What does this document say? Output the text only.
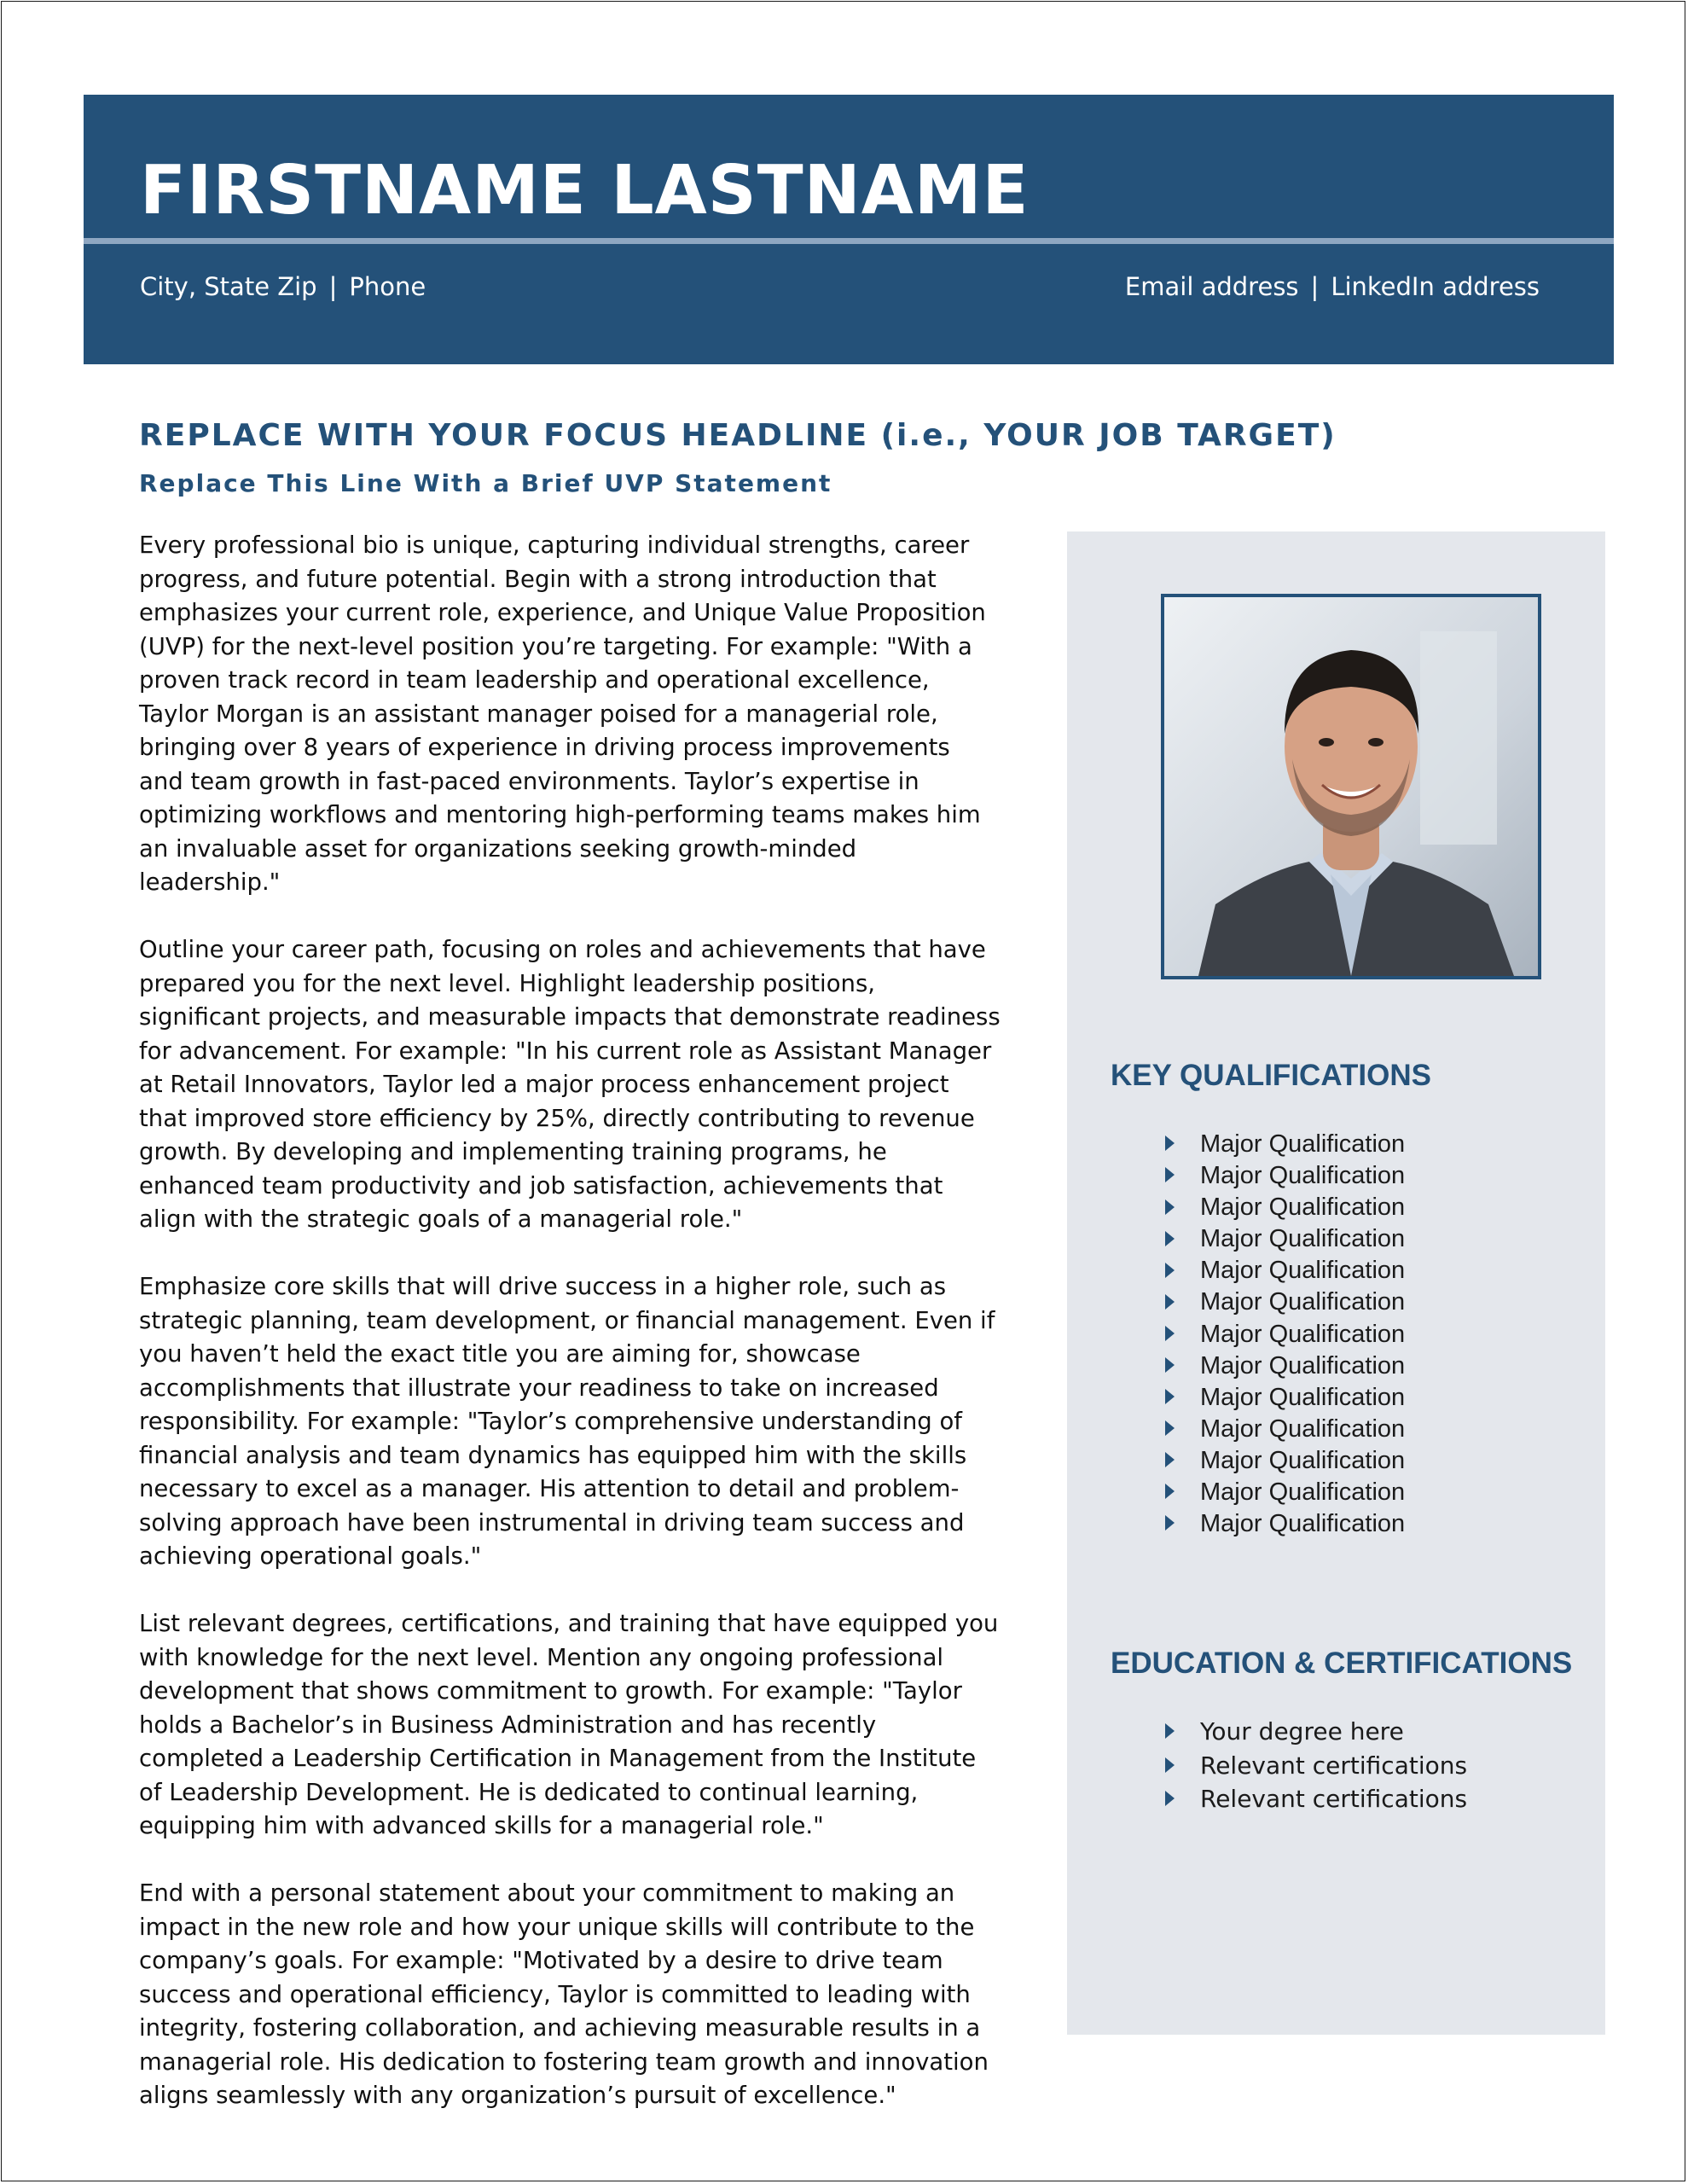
FIRSTNAME LASTNAME
City, State Zip | Phone	Email address | LinkedIn address
REPLACE WITH YOUR FOCUS HEADLINE (i.e., YOUR JOB TARGET)
Replace This Line With a Brief UVP Statement

Every professional bio is unique, capturing individual strengths, career progress, and future potential. Begin with a strong introduction that emphasizes your current role, experience, and Unique Value Proposition (UVP) for the next-level position you’re targeting. For example: "With a proven track record in team leadership and operational excellence, Taylor Morgan is an assistant manager poised for a managerial role, bringing over 8 years of experience in driving process improvements and team growth in fast-paced environments. Taylor’s expertise in optimizing workflows and mentoring high-performing teams makes him an invaluable asset for organizations seeking growth-minded leadership."

Outline your career path, focusing on roles and achievements that have prepared you for the next level. Highlight leadership positions, significant projects, and measurable impacts that demonstrate readiness for advancement. For example: "In his current role as Assistant Manager at Retail Innovators, Taylor led a major process enhancement project that improved store efficiency by 25%, directly contributing to revenue growth. By developing and implementing training programs, he enhanced team productivity and job satisfaction, achievements that align with the strategic goals of a managerial role."

Emphasize core skills that will drive success in a higher role, such as strategic planning, team development, or financial management. Even if you haven’t held the exact title you are aiming for, showcase accomplishments that illustrate your readiness to take on increased responsibility. For example: "Taylor’s comprehensive understanding of financial analysis and team dynamics has equipped him with the skills necessary to excel as a manager. His attention to detail and problem-solving approach have been instrumental in driving team success and achieving operational goals."

List relevant degrees, certifications, and training that have equipped you with knowledge for the next level. Mention any ongoing professional development that shows commitment to growth. For example: "Taylor holds a Bachelor’s in Business Administration and has recently completed a Leadership Certification in Management from the Institute of Leadership Development. He is dedicated to continual learning, equipping him with advanced skills for a managerial role."

End with a personal statement about your commitment to making an impact in the new role and how your unique skills will contribute to the company’s goals. For example: "Motivated by a desire to drive team success and operational efficiency, Taylor is committed to leading with integrity, fostering collaboration, and achieving measurable results in a managerial role. His dedication to fostering team growth and innovation aligns seamlessly with any organization’s pursuit of excellence."

KEY QUALIFICATIONS
Major Qualification
Major Qualification
Major Qualification
Major Qualification
Major Qualification
Major Qualification
Major Qualification
Major Qualification
Major Qualification
Major Qualification
Major Qualification
Major Qualification
Major Qualification
EDUCATION & CERTIFICATIONS
Your degree here
Relevant certifications
Relevant certifications
